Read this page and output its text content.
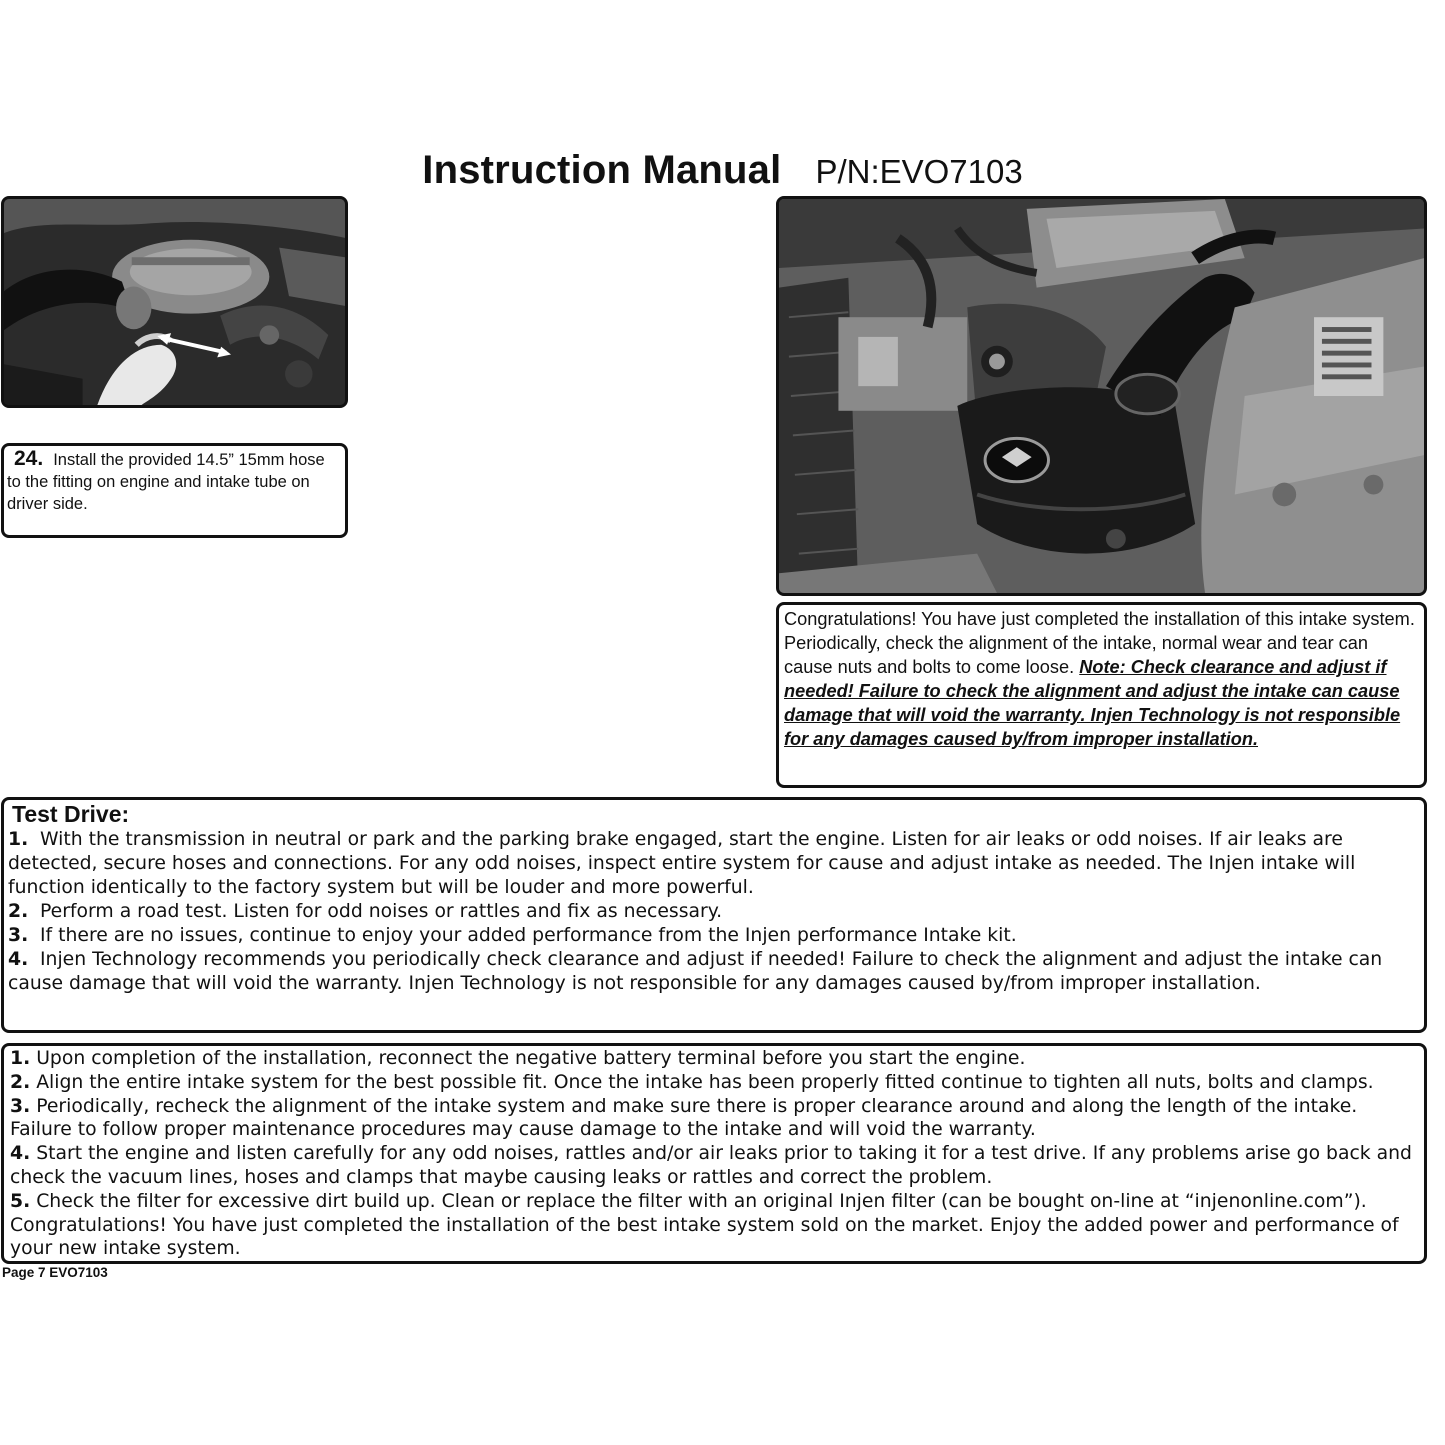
Instruction Manual P/N:EVO7103
24. Install the provided 14.5” 15mm hose to the fitting on engine and intake tube on driver side.
Congratulations! You have just completed the installation of this intake system. Periodically, check the alignment of the intake, normal wear and tear can cause nuts and bolts to come loose. Note: Check clearance and adjust if needed! Failure to check the alignment and adjust the intake can cause damage that will void the warranty. Injen Technology is not responsible for any damages caused by/from improper installation.
Test Drive:

1. With the transmission in neutral or park and the parking brake engaged, start the engine. Listen for air leaks or odd noises. If air leaks are detected, secure hoses and connections. For any odd noises, inspect entire system for cause and adjust intake as needed. The Injen intake will function identically to the factory system but will be louder and more powerful.

2. Perform a road test. Listen for odd noises or rattles and fix as necessary.

3. If there are no issues, continue to enjoy your added performance from the Injen performance Intake kit.

4. Injen Technology recommends you periodically check clearance and adjust if needed! Failure to check the alignment and adjust the intake can cause damage that will void the warranty. Injen Technology is not responsible for any damages caused by/from improper installation.

1. Upon completion of the installation, reconnect the negative battery terminal before you start the engine.

2. Align the entire intake system for the best possible fit. Once the intake has been properly fitted continue to tighten all nuts, bolts and clamps.

3. Periodically, recheck the alignment of the intake system and make sure there is proper clearance around and along the length of the intake. Failure to follow proper maintenance procedures may cause damage to the intake and will void the warranty.

4. Start the engine and listen carefully for any odd noises, rattles and/or air leaks prior to taking it for a test drive. If any problems arise go back and check the vacuum lines, hoses and clamps that maybe causing leaks or rattles and correct the problem.

5. Check the filter for excessive dirt build up. Clean or replace the filter with an original Injen filter (can be bought on-line at “injenonline.com”). Congratulations! You have just completed the installation of the best intake system sold on the market. Enjoy the added power and performance of your new intake system.

Page 7 EVO7103
